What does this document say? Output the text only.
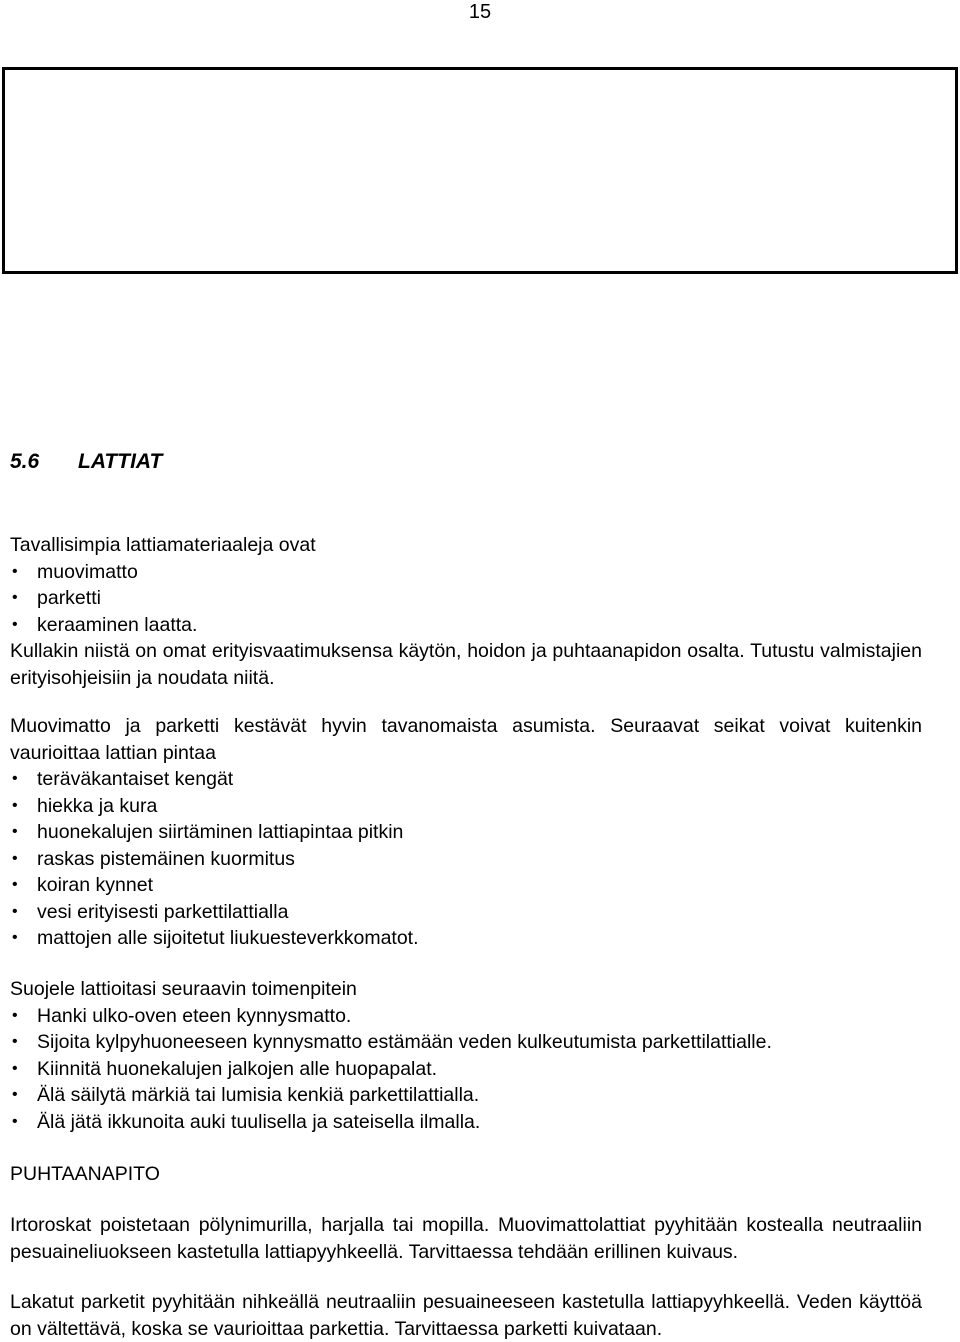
15
5.6 LATTIAT

Tavallisimpia lattiamateriaaleja ovat

• muovimatto
• parketti
• keraaminen laatta.

Kullakin niistä on omat erityisvaatimuksensa käytön, hoidon ja puhtaanapidon osalta. Tutustu valmistajien erityisohjeisiin ja noudata niitä.

Muovimatto ja parketti kestävät hyvin tavanomaista asumista. Seuraavat seikat voivat kuitenkin vaurioittaa lattian pintaa

• teräväkantaiset kengät
• hiekka ja kura
• huonekalujen siirtäminen lattiapintaa pitkin
• raskas pistemäinen kuormitus
• koiran kynnet
• vesi erityisesti parkettilattialla
• mattojen alle sijoitetut liukuesteverkkomatot.

Suojele lattioitasi seuraavin toimenpitein

• Hanki ulko-oven eteen kynnysmatto.
• Sijoita kylpyhuoneeseen kynnysmatto estämään veden kulkeutumista parkettilattialle.
• Kiinnitä huonekalujen jalkojen alle huopapalat.
• Älä säilytä märkiä tai lumisia kenkiä parkettilattialla.
• Älä jätä ikkunoita auki tuulisella ja sateisella ilmalla.
PUHTAANAPITO

Irtoroskat poistetaan pölynimurilla, harjalla tai mopilla. Muovimattolattiat pyyhitään kostealla neutraaliin pesuaineliuokseen kastetulla lattiapyyhkeellä. Tarvittaessa tehdään erillinen kuivaus.

Lakatut parketit pyyhitään nihkeällä neutraaliin pesuaineeseen kastetulla lattiapyyhkeellä. Veden käyttöä on vältettävä, koska se vaurioittaa parkettia. Tarvittaessa parketti kuivataan.
